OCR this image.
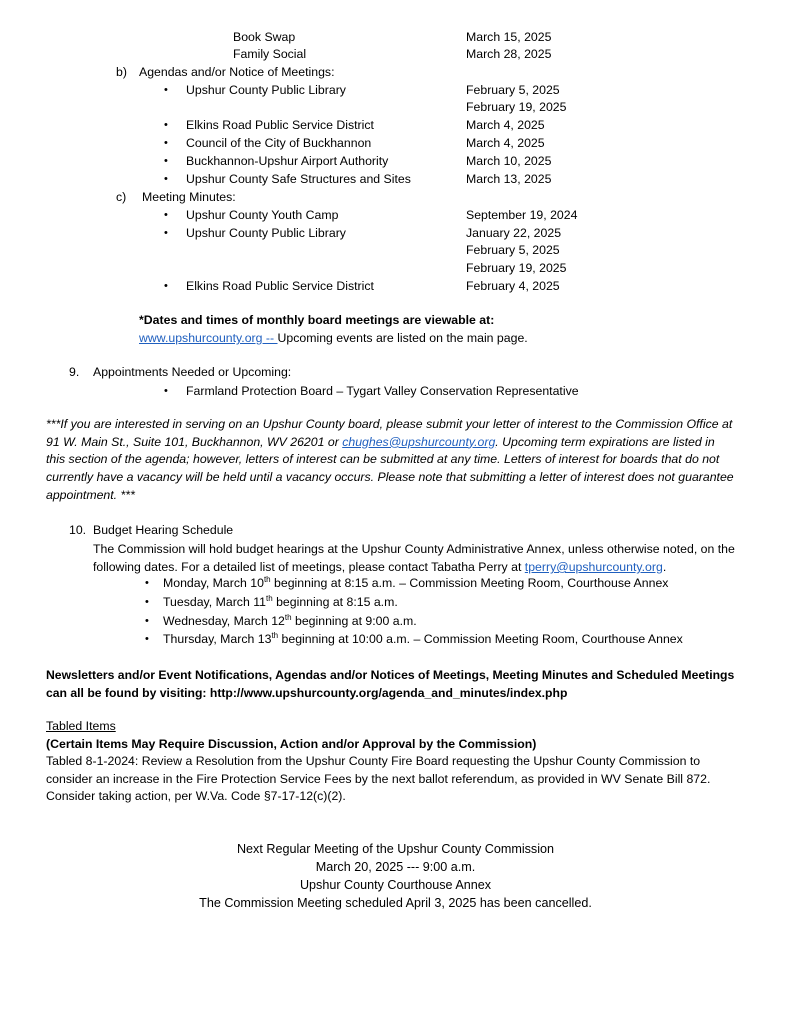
Book Swap	March 15, 2025
Family Social	March 28, 2025
b) Agendas and/or Notice of Meetings:
• Upshur County Public Library	February 5, 2025
February 19, 2025
• Elkins Road Public Service District	March 4, 2025
• Council of the City of Buckhannon	March 4, 2025
• Buckhannon-Upshur Airport Authority	March 10, 2025
• Upshur County Safe Structures and Sites	March 13, 2025
c) Meeting Minutes:
• Upshur County Youth Camp	September 19, 2024
• Upshur County Public Library	January 22, 2025
February 5, 2025
February 19, 2025
• Elkins Road Public Service District	February 4, 2025
*Dates and times of monthly board meetings are viewable at:
www.upshurcounty.org -- Upcoming events are listed on the main page.
9. Appointments Needed or Upcoming:
• Farmland Protection Board – Tygart Valley Conservation Representative
***If you are interested in serving on an Upshur County board, please submit your letter of interest to the Commission Office at 91 W. Main St., Suite 101, Buckhannon, WV 26201 or chughes@upshurcounty.org. Upcoming term expirations are listed in this section of the agenda; however, letters of interest can be submitted at any time. Letters of interest for boards that do not currently have a vacancy will be held until a vacancy occurs. Please note that submitting a letter of interest does not guarantee appointment. ***
10. Budget Hearing Schedule
The Commission will hold budget hearings at the Upshur County Administrative Annex, unless otherwise noted, on the following dates. For a detailed list of meetings, please contact Tabatha Perry at tperry@upshurcounty.org.
• Monday, March 10th beginning at 8:15 a.m. – Commission Meeting Room, Courthouse Annex
• Tuesday, March 11th beginning at 8:15 a.m.
• Wednesday, March 12th beginning at 9:00 a.m.
• Thursday, March 13th beginning at 10:00 a.m. – Commission Meeting Room, Courthouse Annex
Newsletters and/or Event Notifications, Agendas and/or Notices of Meetings, Meeting Minutes and Scheduled Meetings
can all be found by visiting: http://www.upshurcounty.org/agenda_and_minutes/index.php
Tabled Items
(Certain Items May Require Discussion, Action and/or Approval by the Commission)
Tabled 8-1-2024: Review a Resolution from the Upshur County Fire Board requesting the Upshur County Commission to consider an increase in the Fire Protection Service Fees by the next ballot referendum, as provided in WV Senate Bill 872. Consider taking action, per W.Va. Code §7-17-12(c)(2).
Next Regular Meeting of the Upshur County Commission
March 20, 2025 --- 9:00 a.m.
Upshur County Courthouse Annex
The Commission Meeting scheduled April 3, 2025 has been cancelled.
